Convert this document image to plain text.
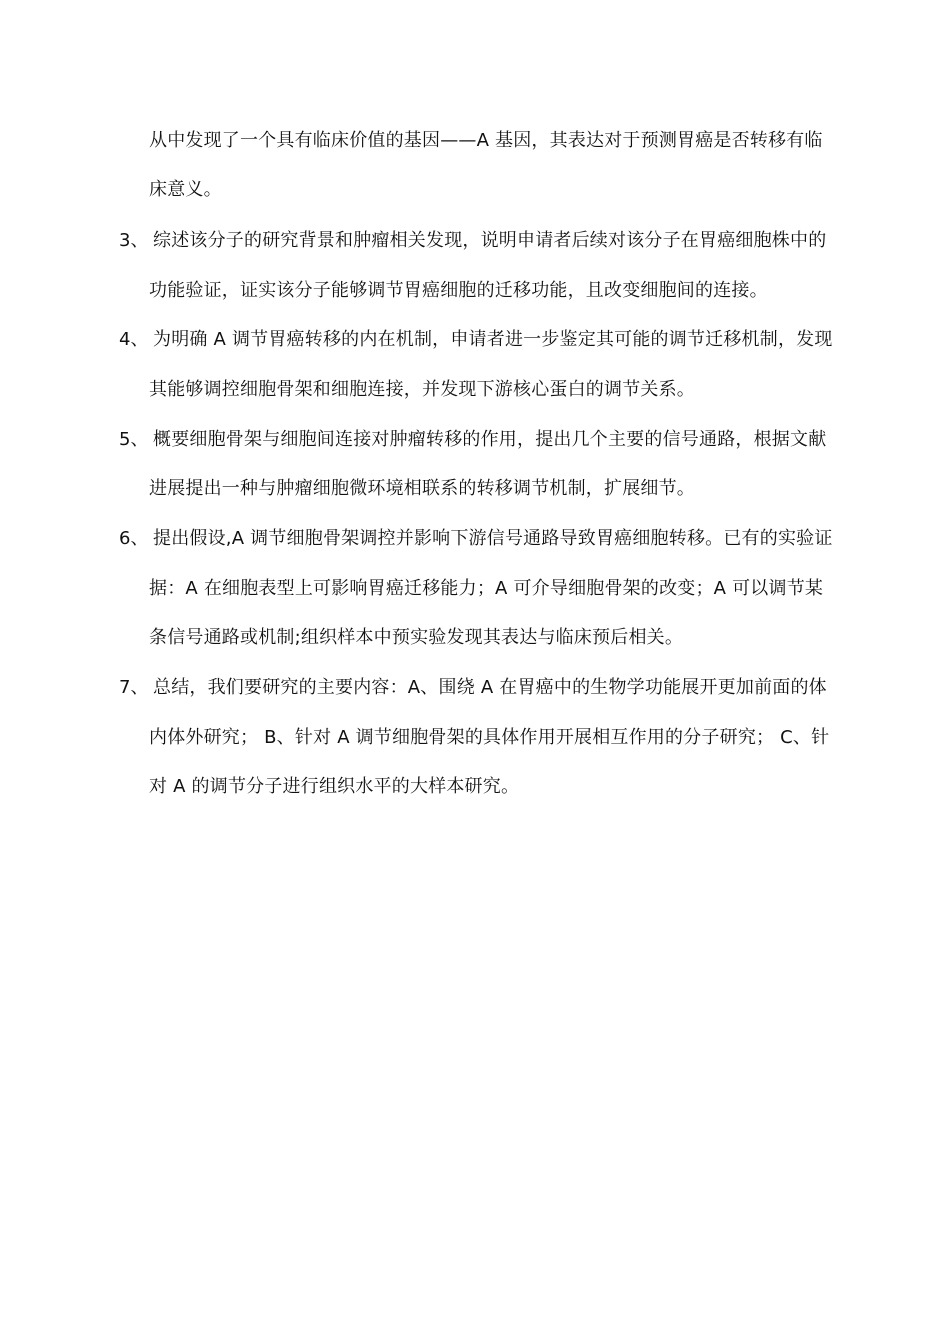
从中发现了一个具有临床价值的基因——A 基因，其表达对于预测胃癌是否转移有临
床意义。
3、 综述该分子的研究背景和肿瘤相关发现，说明申请者后续对该分子在胃癌细胞株中的
功能验证，证实该分子能够调节胃癌细胞的迁移功能，且改变细胞间的连接。
4、 为明确 A 调节胃癌转移的内在机制，申请者进一步鉴定其可能的调节迁移机制，发现
其能够调控细胞骨架和细胞连接，并发现下游核心蛋白的调节关系。
5、 概要细胞骨架与细胞间连接对肿瘤转移的作用，提出几个主要的信号通路，根据文献
进展提出一种与肿瘤细胞微环境相联系的转移调节机制，扩展细节。
6、 提出假设,A 调节细胞骨架调控并影响下游信号通路导致胃癌细胞转移。已有的实验证
据：A 在细胞表型上可影响胃癌迁移能力；A 可介导细胞骨架的改变；A 可以调节某
条信号通路或机制;组织样本中预实验发现其表达与临床预后相关。
7、 总结，我们要研究的主要内容：A、围绕 A 在胃癌中的生物学功能展开更加前面的体
内体外研究； B、针对 A 调节细胞骨架的具体作用开展相互作用的分子研究； C、针
对 A 的调节分子进行组织水平的大样本研究。
